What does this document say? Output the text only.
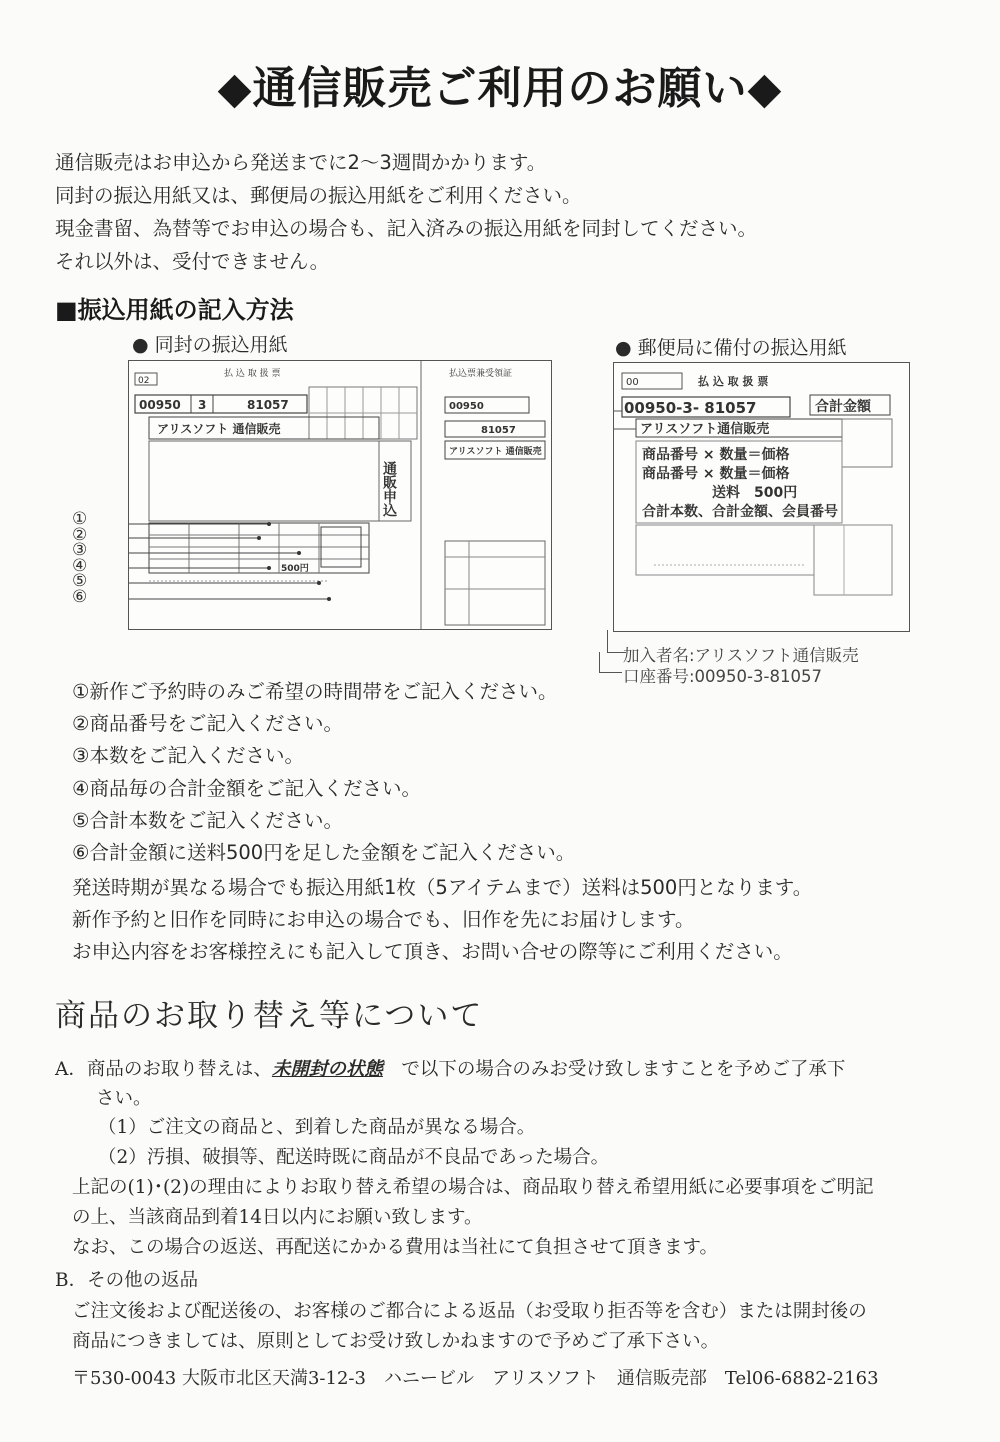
◆通信販売ご利用のお願い◆
通信販売はお申込から発送までに2〜3週間かかります。
同封の振込用紙又は、郵便局の振込用紙をご利用ください。
現金書留、為替等でお申込の場合も、記入済みの振込用紙を同封してください。
それ以外は、受付できません。
■振込用紙の記入方法
● 同封の振込用紙	● 郵便局に備付の振込用紙
02
払 込 取 扱 票	払込票兼受領証
00950 3	81057
アリスソフト 通信販売
通販申込
500円
00950
81057
アリスソフト 通信販売
①
②
③
④
⑤
⑥
00	払 込 取 扱 票
00950-3- 81057	合計金額
アリスソフト通信販売
商品番号 × 数量＝価格
商品番号 × 数量＝価格
送料　500円
合計本数、合計金額、会員番号
加入者名:アリスソフト通信販売
口座番号:00950-3-81057
①新作ご予約時のみご希望の時間帯をご記入ください。
②商品番号をご記入ください。
③本数をご記入ください。
④商品毎の合計金額をご記入ください。
⑤合計本数をご記入ください。
⑥合計金額に送料500円を足した金額をご記入ください。
発送時期が異なる場合でも振込用紙1枚（5アイテムまで）送料は500円となります。
新作予約と旧作を同時にお申込の場合でも、旧作を先にお届けします。
お申込内容をお客様控えにも記入して頂き、お問い合せの際等にご利用ください。
商品のお取り替え等について
A．商品のお取り替えは、未開封の状態　 で以下の場合のみお受け致しますことを予めご了承下
さい。
（1）ご注文の商品と、到着した商品が異なる場合。
（2）汚損、破損等、配送時既に商品が不良品であった場合。
上記の(1)･(2)の理由によりお取り替え希望の場合は、商品取り替え希望用紙に必要事項をご明記
の上、当該商品到着14日以内にお願い致します。
なお、この場合の返送、再配送にかかる費用は当社にて負担させて頂きます。
B．その他の返品
ご注文後および配送後の、お客様のご都合による返品（お受取り拒否等を含む）または開封後の
商品につきましては、原則としてお受け致しかねますので予めご了承下さい。
〒530-0043 大阪市北区天満3-12-3　ハニービル　アリスソフト　通信販売部　Tel06-6882-2163
